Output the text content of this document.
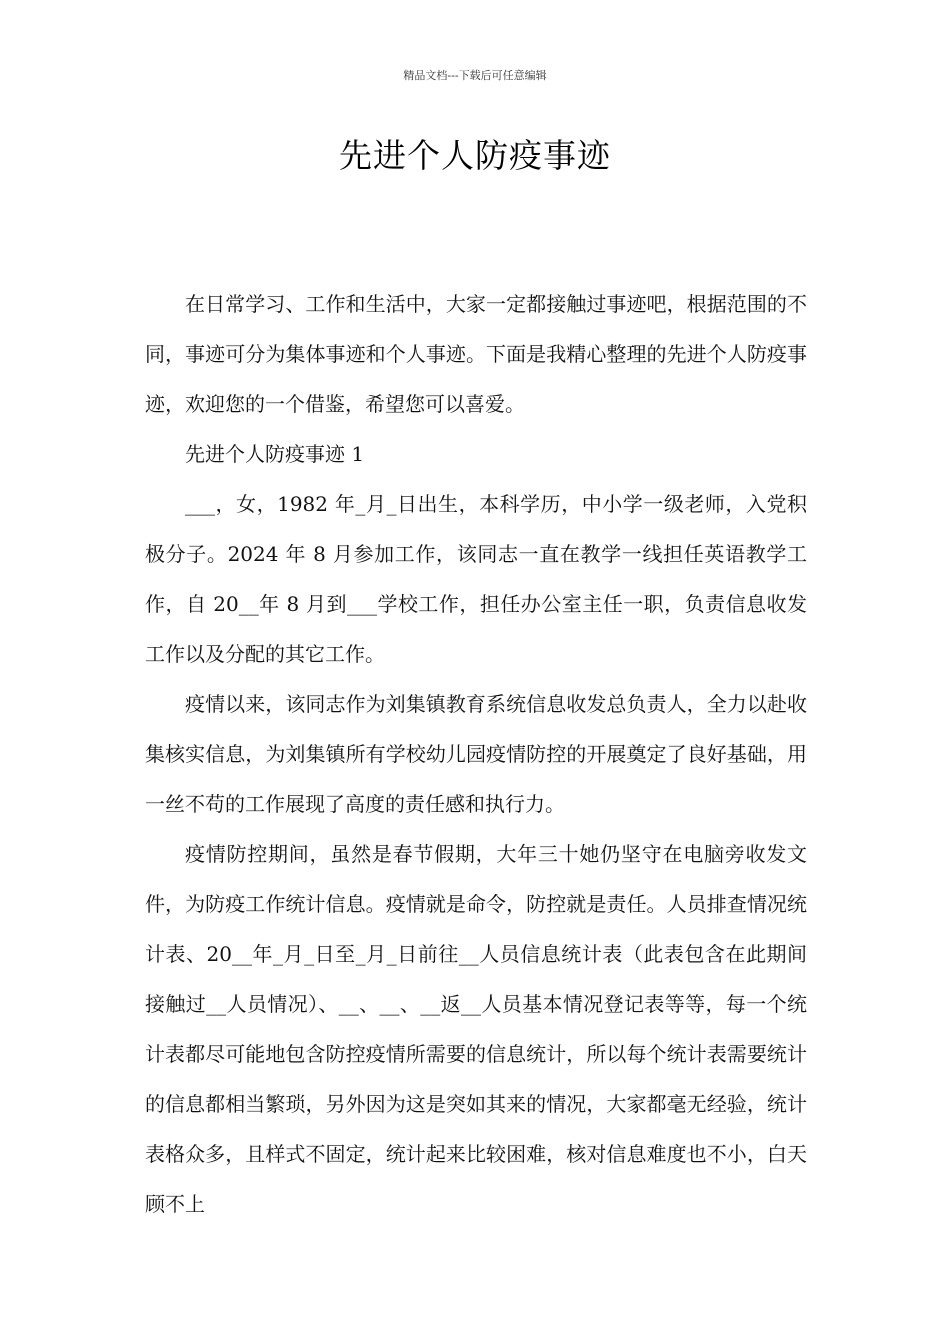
精品文档---下载后可任意编辑
先进个人防疫事迹

在日常学习、工作和生活中，大家一定都接触过事迹吧，根据范围的不同，事迹可分为集体事迹和个人事迹。下面是我精心整理的先进个人防疫事迹，欢迎您的一个借鉴，希望您可以喜爱。

先进个人防疫事迹 1

___，女，1982 年_月_日出生，本科学历，中小学一级老师，入党积极分子。2024 年 8 月参加工作，该同志一直在教学一线担任英语教学工作，自 20__年 8 月到___学校工作，担任办公室主任一职，负责信息收发工作以及分配的其它工作。

疫情以来，该同志作为刘集镇教育系统信息收发总负责人，全力以赴收集核实信息，为刘集镇所有学校幼儿园疫情防控的开展奠定了良好基础，用一丝不苟的工作展现了高度的责任感和执行力。

疫情防控期间，虽然是春节假期，大年三十她仍坚守在电脑旁收发文件，为防疫工作统计信息。疫情就是命令，防控就是责任。人员排查情况统计表、20__年_月_日至_月_日前往__人员信息统计表（此表包含在此期间接触过__人员情况）、__、__、__返__人员基本情况登记表等等，每一个统计表都尽可能地包含防控疫情所需要的信息统计，所以每个统计表需要统计的信息都相当繁琐，另外因为这是突如其来的情况，大家都毫无经验，统计表格众多，且样式不固定，统计起来比较困难，核对信息难度也不小，白天顾不上
